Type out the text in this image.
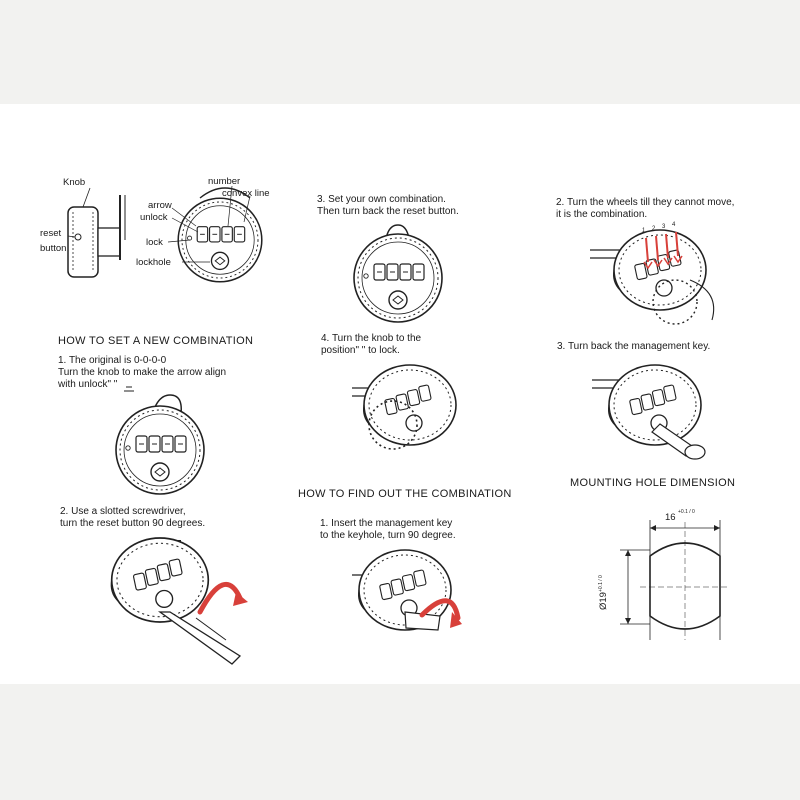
Knob
reset
button
arrow
unlock
lock
lockhole
number
convex line
HOW TO SET A NEW COMBINATION
1. The original is 0-0-0-0
Turn the knob to make the arrow align
with unlock" "
2. Use a slotted screwdriver,
turn the reset button 90 degrees.
3. Set your own combination.
Then turn back the reset button.
4. Turn the knob to the
position" " to lock.
HOW TO FIND OUT THE COMBINATION
1. Insert the management key
to the keyhole, turn 90 degree.
2. Turn the wheels till they cannot move,
it is the combination.
1 2 3 4
3. Turn back the management key.
MOUNTING HOLE DIMENSION
16 +0.1 / 0
Ø19
+0.1 / 0
